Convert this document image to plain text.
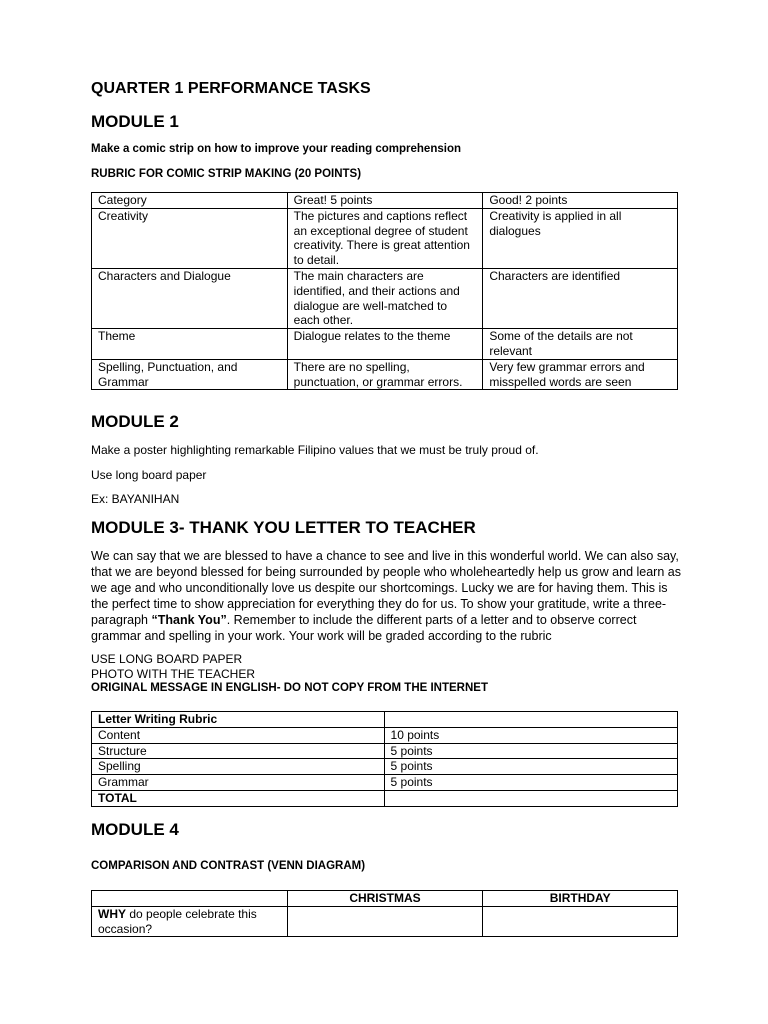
QUARTER 1 PERFORMANCE TASKS
MODULE 1
Make a comic strip on how to improve your reading comprehension
RUBRIC FOR COMIC STRIP MAKING (20 POINTS)
Category	Great! 5 points	Good! 2 points
Creativity	The pictures and captions reflect an exceptional degree of student creativity. There is great attention to detail.	Creativity is applied in all dialogues
Characters and Dialogue	The main characters are identified, and their actions and dialogue are well-matched to each other.	Characters are identified
Theme	Dialogue relates to the theme	Some of the details are not relevant
Spelling, Punctuation, and Grammar	There are no spelling, punctuation, or grammar errors.	Very few grammar errors and misspelled words are seen
MODULE 2
Make a poster highlighting remarkable Filipino values that we must be truly proud of.
Use long board paper
Ex: BAYANIHAN
MODULE 3- THANK YOU LETTER TO TEACHER
We can say that we are blessed to have a chance to see and live in this wonderful world. We can also say, that we are beyond blessed for being surrounded by people who wholeheartedly help us grow and learn as we age and who unconditionally love us despite our shortcomings. Lucky we are for having them. This is the perfect time to show appreciation for everything they do for us. To show your gratitude, write a three-paragraph “Thank You”. Remember to include the different parts of a letter and to observe correct grammar and spelling in your work. Your work will be graded according to the rubric
USE LONG BOARD PAPER
PHOTO WITH THE TEACHER
ORIGINAL MESSAGE IN ENGLISH- DO NOT COPY FROM THE INTERNET
Letter Writing Rubric	
Content	10 points
Structure	5 points
Spelling	5 points
Grammar	5 points
TOTAL	
MODULE 4
COMPARISON AND CONTRAST (VENN DIAGRAM)
	CHRISTMAS	BIRTHDAY
WHY do people celebrate this occasion?		
